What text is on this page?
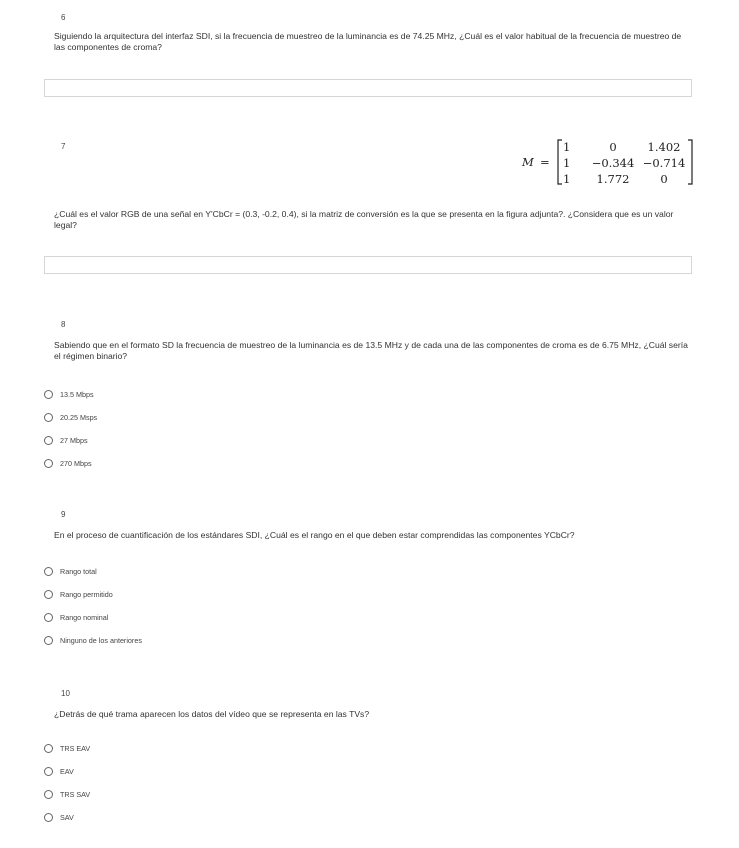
6
Siguiendo la arquitectura del interfaz SDI, si la frecuencia de muestreo de la luminancia es de 74.25 MHz, ¿Cuál es el valor habitual de la frecuencia de muestreo de las componentes de croma?
7
M =
1	0	1.402
1 −0.344 −0.714
1 1.772	0
¿Cuál es el valor RGB de una señal en Y'CbCr = (0.3, -0.2, 0.4), si la matriz de conversión es la que se presenta en la figura adjunta?. ¿Considera que es un valor legal?
8
Sabiendo que en el formato SD la frecuencia de muestreo de la luminancia es de 13.5 MHz y de cada una de las componentes de croma es de 6.75 MHz, ¿Cuál sería el régimen binario?
13.5 Mbps
20.25 Msps
27 Mbps
270 Mbps
9
En el proceso de cuantificación de los estándares SDI, ¿Cuál es el rango en el que deben estar comprendidas las componentes YCbCr?
Rango total
Rango permitido
Rango nominal
Ninguno de los anteriores
10
¿Detrás de qué trama aparecen los datos del vídeo que se representa en las TVs?
TRS EAV
EAV
TRS SAV
SAV
